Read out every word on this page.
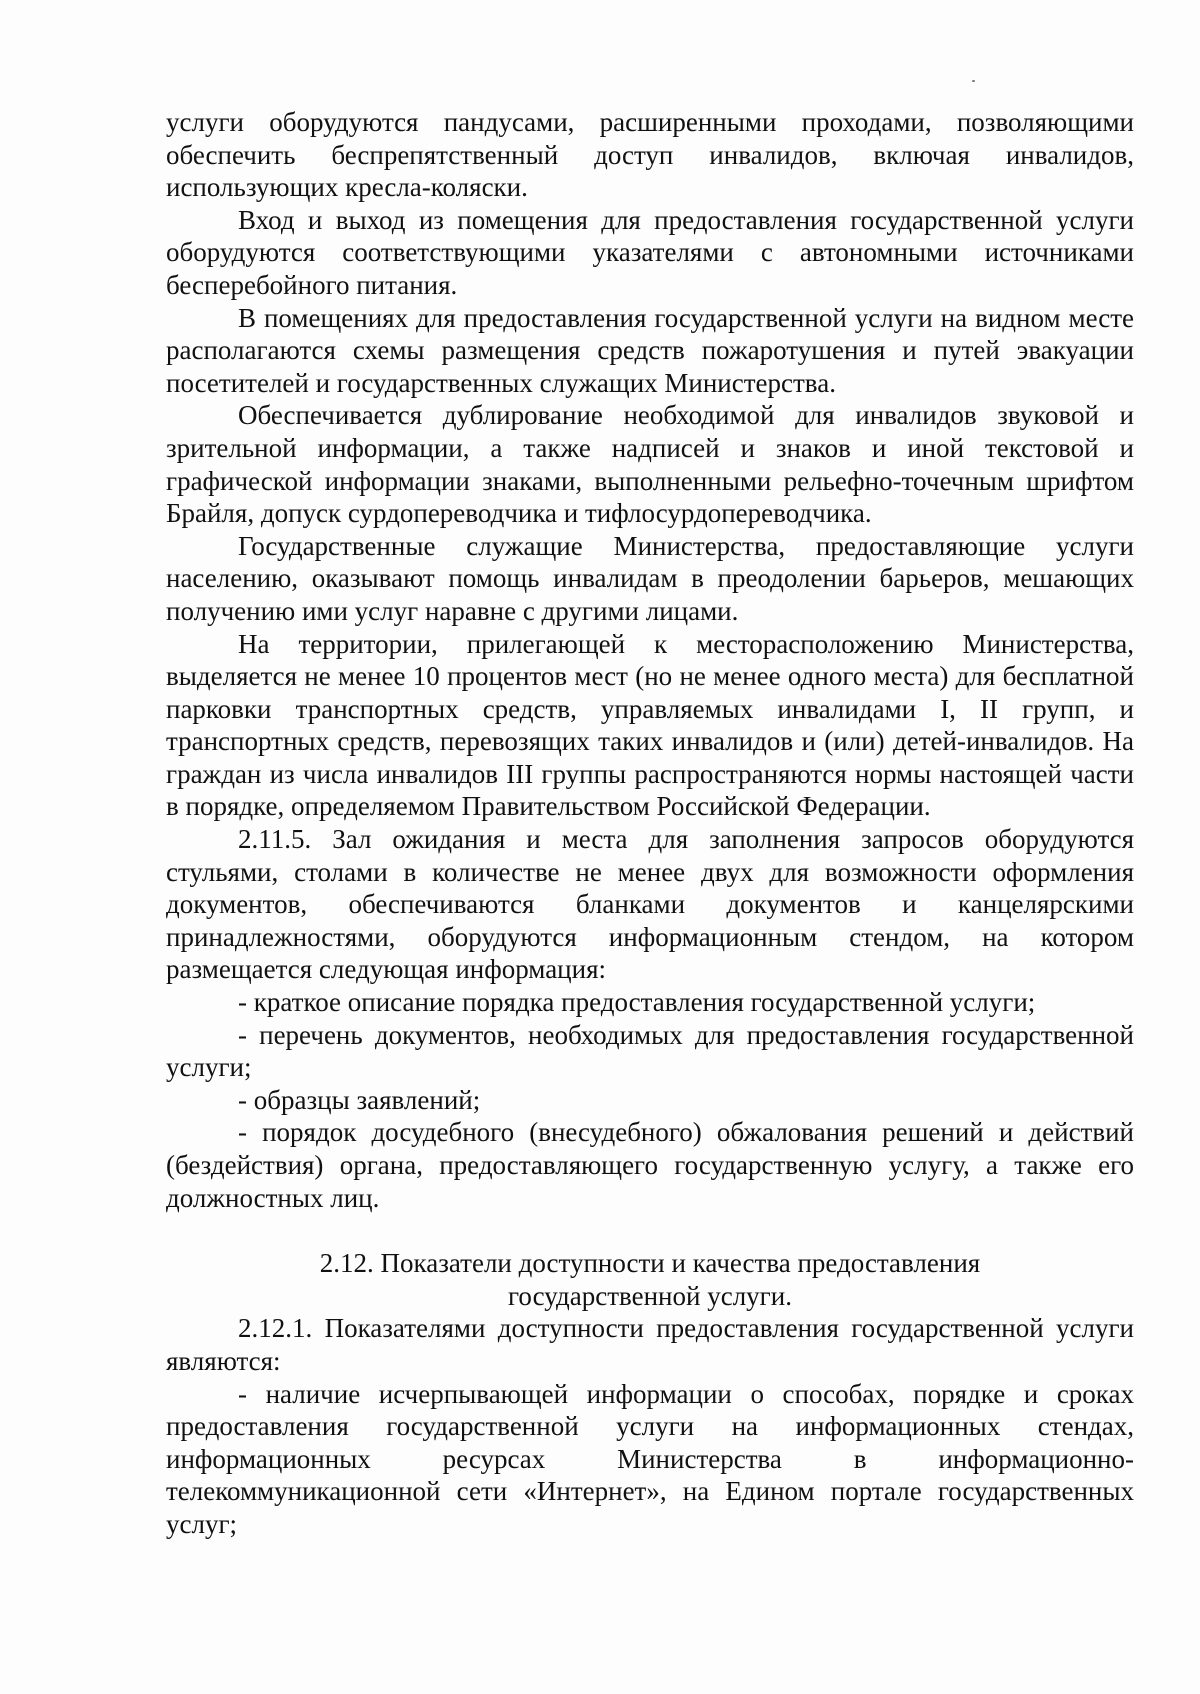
услуги оборудуются пандусами, расширенными проходами, позволяющими обеспечить беспрепятственный доступ инвалидов, включая инвалидов, использующих кресла-коляски.

Вход и выход из помещения для предоставления государственной услуги оборудуются соответствующими указателями с автономными источниками бесперебойного питания.

В помещениях для предоставления государственной услуги на видном месте располагаются схемы размещения средств пожаротушения и путей эвакуации посетителей и государственных служащих Министерства.

Обеспечивается дублирование необходимой для инвалидов звуковой и зрительной информации, а также надписей и знаков и иной текстовой и графической информации знаками, выполненными рельефно-точечным шрифтом Брайля, допуск сурдопереводчика и тифлосурдопереводчика.

Государственные служащие Министерства, предоставляющие услуги населению, оказывают помощь инвалидам в преодолении барьеров, мешающих получению ими услуг наравне с другими лицами.

На территории, прилегающей к месторасположению Министерства, выделяется не менее 10 процентов мест (но не менее одного места) для бесплатной парковки транспортных средств, управляемых инвалидами I, II групп, и транспортных средств, перевозящих таких инвалидов и (или) детей-инвалидов. На граждан из числа инвалидов III группы распространяются нормы настоящей части в порядке, определяемом Правительством Российской Федерации.

2.11.5. Зал ожидания и места для заполнения запросов оборудуются стульями, столами в количестве не менее двух для возможности оформления документов, обеспечиваются бланками документов и канцелярскими принадлежностями, оборудуются информационным стендом, на котором размещается следующая информация:

- краткое описание порядка предоставления государственной услуги;

- перечень документов, необходимых для предоставления государственной услуги;

- образцы заявлений;

- порядок досудебного (внесудебного) обжалования решений и действий (бездействия) органа, предоставляющего государственную услугу, а также его должностных лиц.

2.12. Показатели доступности и качества предоставления
государственной услуги.

2.12.1. Показателями доступности предоставления государственной услуги являются:

- наличие исчерпывающей информации о способах, порядке и сроках предоставления государственной услуги на информационных стендах, информационных ресурсах Министерства в информационно-телекоммуникационной сети «Интернет», на Едином портале государственных услуг;
